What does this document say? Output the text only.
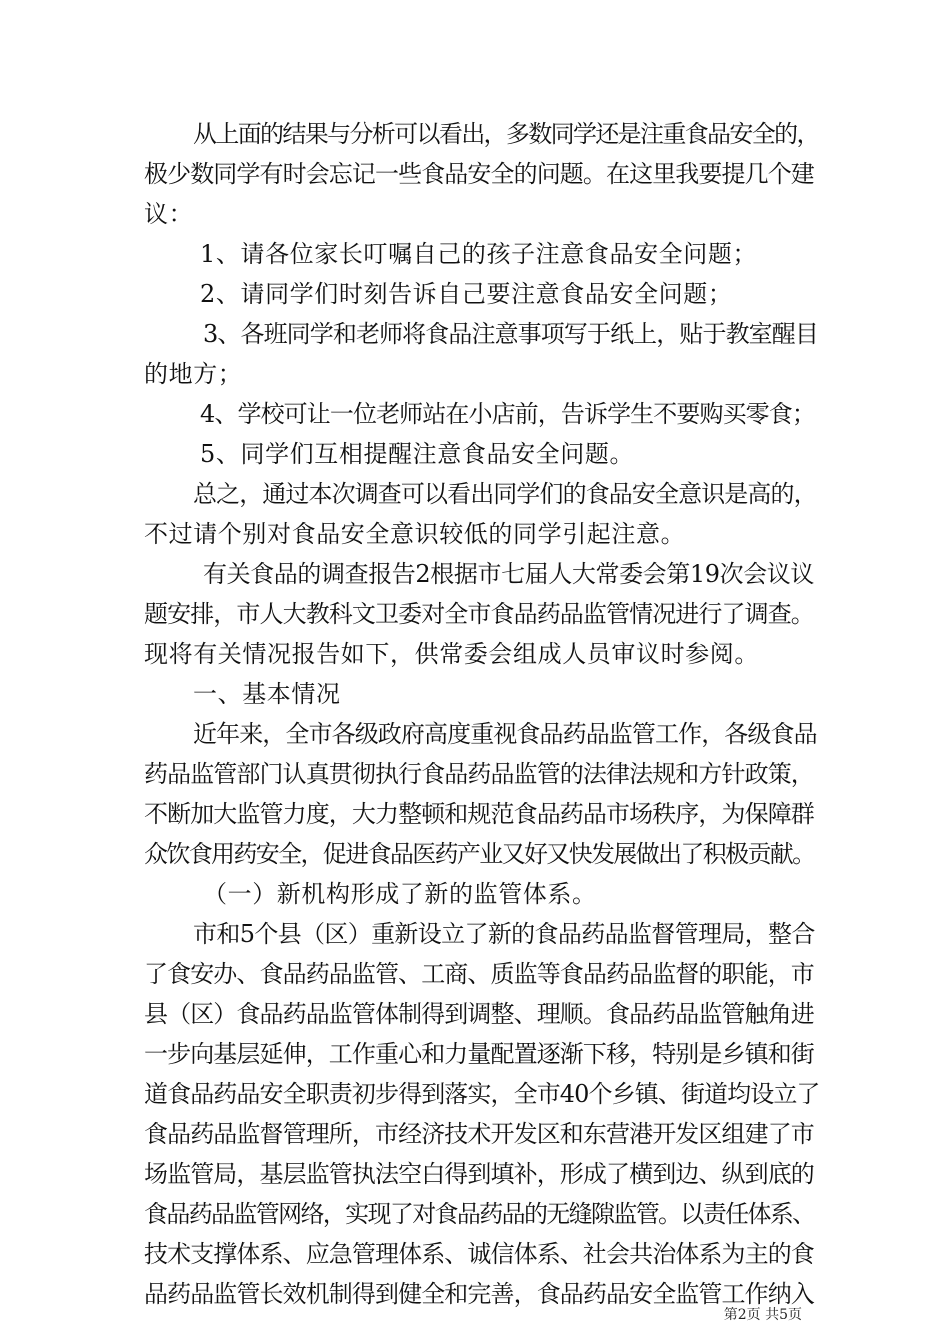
从上面的结果与分析可以看出，多数同学还是注重食品安全的，
极少数同学有时会忘记一些食品安全的问题。在这里我要提几个建
议：
1、请各位家长叮嘱自己的孩子注意食品安全问题；
2、请同学们时刻告诉自己要注意食品安全问题；
3、各班同学和老师将食品注意事项写于纸上，贴于教室醒目
的地方；
4、学校可让一位老师站在小店前，告诉学生不要购买零食；
5、同学们互相提醒注意食品安全问题。
总之，通过本次调查可以看出同学们的食品安全意识是高的，
不过请个别对食品安全意识较低的同学引起注意。
有关食品的调查报告2根据市七届人大常委会第19次会议议
题安排，市人大教科文卫委对全市食品药品监管情况进行了调查。
现将有关情况报告如下，供常委会组成人员审议时参阅。
一、基本情况
近年来，全市各级政府高度重视食品药品监管工作，各级食品
药品监管部门认真贯彻执行食品药品监管的法律法规和方针政策，
不断加大监管力度，大力整顿和规范食品药品市场秩序，为保障群
众饮食用药安全，促进食品医药产业又好又快发展做出了积极贡献。
（一）新机构形成了新的监管体系。
市和5个县（区）重新设立了新的食品药品监督管理局，整合
了食安办、食品药品监管、工商、质监等食品药品监督的职能，市
县（区）食品药品监管体制得到调整、理顺。食品药品监管触角进
一步向基层延伸，工作重心和力量配置逐渐下移，特别是乡镇和街
道食品药品安全职责初步得到落实，全市40个乡镇、街道均设立了
食品药品监督管理所，市经济技术开发区和东营港开发区组建了市
场监管局，基层监管执法空白得到填补，形成了横到边、纵到底的
食品药品监管网络，实现了对食品药品的无缝隙监管。以责任体系、
技术支撑体系、应急管理体系、诚信体系、社会共治体系为主的食
品药品监管长效机制得到健全和完善，食品药品安全监管工作纳入
第2页 共5页
